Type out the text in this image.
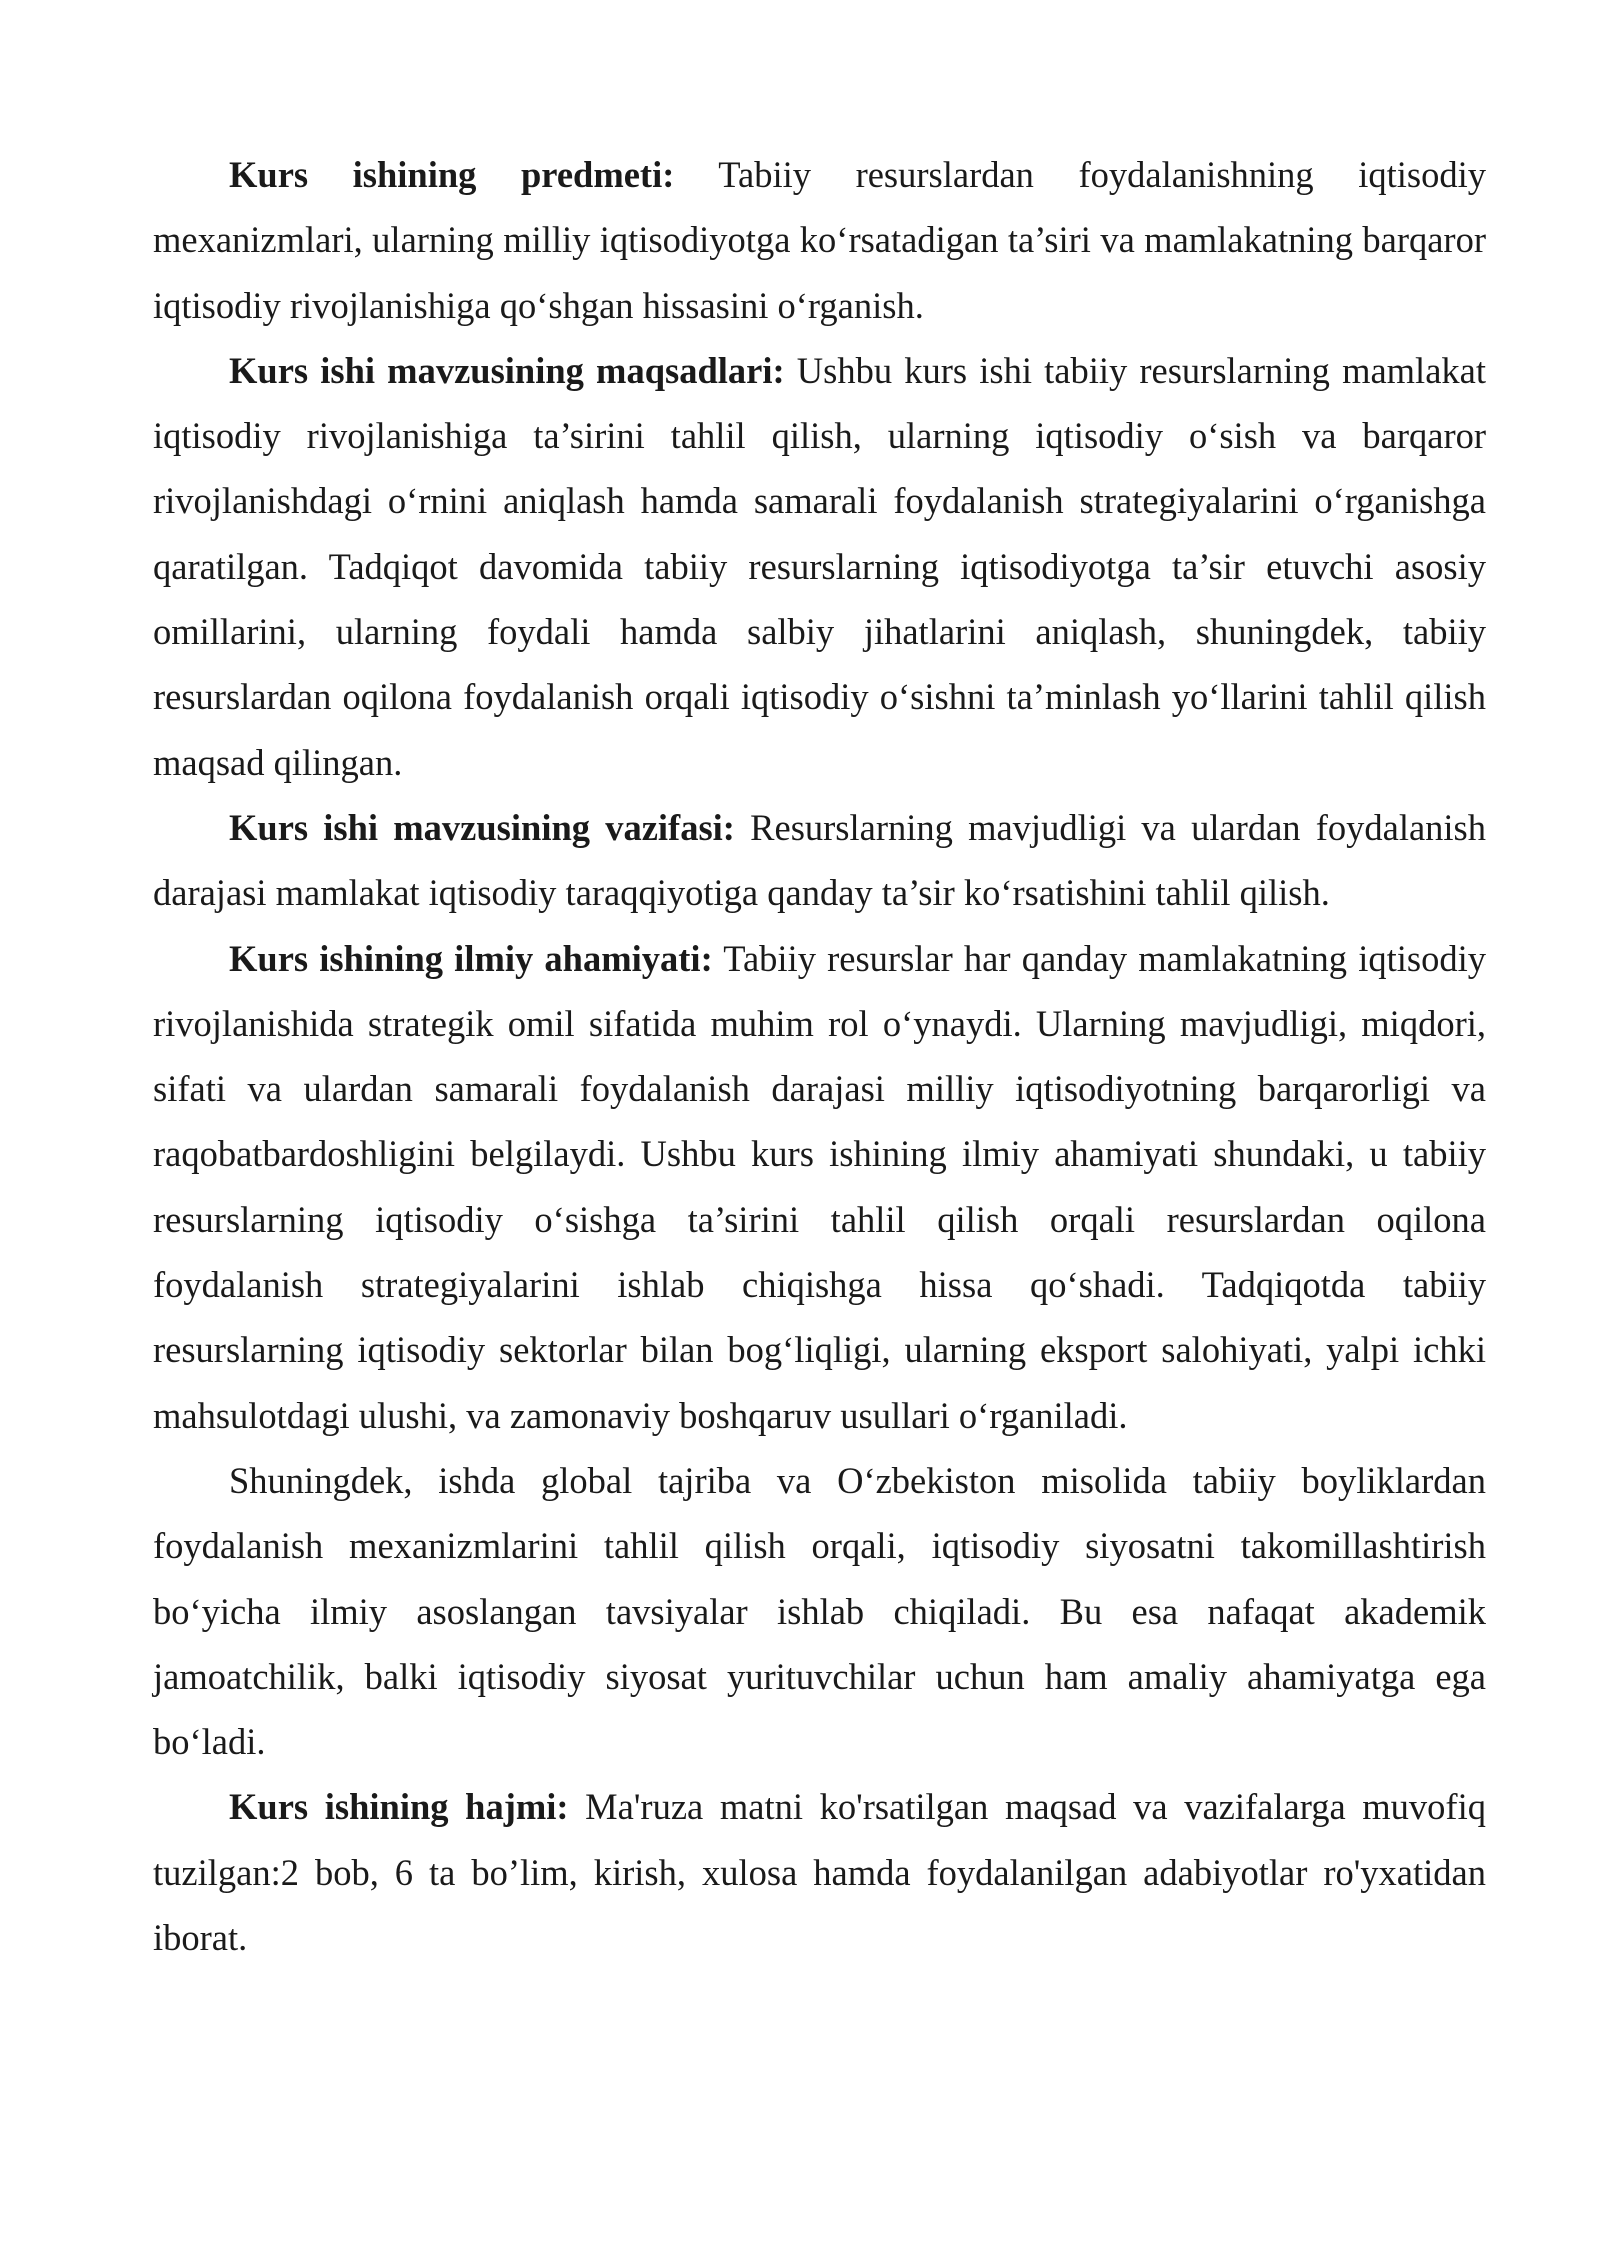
Kurs ishining predmeti: Tabiiy resurslardan foydalanishning iqtisodiy mexanizmlari, ularning milliy iqtisodiyotga ko‘rsatadigan ta’siri va mamlakatning barqaror iqtisodiy rivojlanishiga qo‘shgan hissasini o‘rganish.

Kurs ishi mavzusining maqsadlari: Ushbu kurs ishi tabiiy resurslarning mamlakat iqtisodiy rivojlanishiga ta’sirini tahlil qilish, ularning iqtisodiy o‘sish va barqaror rivojlanishdagi o‘rnini aniqlash hamda samarali foydalanish strategiyalarini o‘rganishga qaratilgan. Tadqiqot davomida tabiiy resurslarning iqtisodiyotga ta’sir etuvchi asosiy omillarini, ularning foydali hamda salbiy jihatlarini aniqlash, shuningdek, tabiiy resurslardan oqilona foydalanish orqali iqtisodiy o‘sishni ta’minlash yo‘llarini tahlil qilish maqsad qilingan.

Kurs ishi mavzusining vazifasi: Resurslarning mavjudligi va ulardan foydalanish darajasi mamlakat iqtisodiy taraqqiyotiga qanday ta’sir ko‘rsatishini tahlil qilish.

Kurs ishining ilmiy ahamiyati: Tabiiy resurslar har qanday mamlakatning iqtisodiy rivojlanishida strategik omil sifatida muhim rol o‘ynaydi. Ularning mavjudligi, miqdori, sifati va ulardan samarali foydalanish darajasi milliy iqtisodiyotning barqarorligi va raqobatbardoshligini belgilaydi. Ushbu kurs ishining ilmiy ahamiyati shundaki, u tabiiy resurslarning iqtisodiy o‘sishga ta’sirini tahlil qilish orqali resurslardan oqilona foydalanish strategiyalarini ishlab chiqishga hissa qo‘shadi. Tadqiqotda tabiiy resurslarning iqtisodiy sektorlar bilan bog‘liqligi, ularning eksport salohiyati, yalpi ichki mahsulotdagi ulushi, va zamonaviy boshqaruv usullari o‘rganiladi.

Shuningdek, ishda global tajriba va O‘zbekiston misolida tabiiy boyliklardan foydalanish mexanizmlarini tahlil qilish orqali, iqtisodiy siyosatni takomillashtirish bo‘yicha ilmiy asoslangan tavsiyalar ishlab chiqiladi. Bu esa nafaqat akademik jamoatchilik, balki iqtisodiy siyosat yurituvchilar uchun ham amaliy ahamiyatga ega bo‘ladi.

Kurs ishining hajmi: Ma'ruza matni ko'rsatilgan maqsad va vazifalarga muvofiq tuzilgan:2 bob, 6 ta bo’lim, kirish, xulosa hamda foydalanilgan adabiyotlar ro'yxatidan iborat.
